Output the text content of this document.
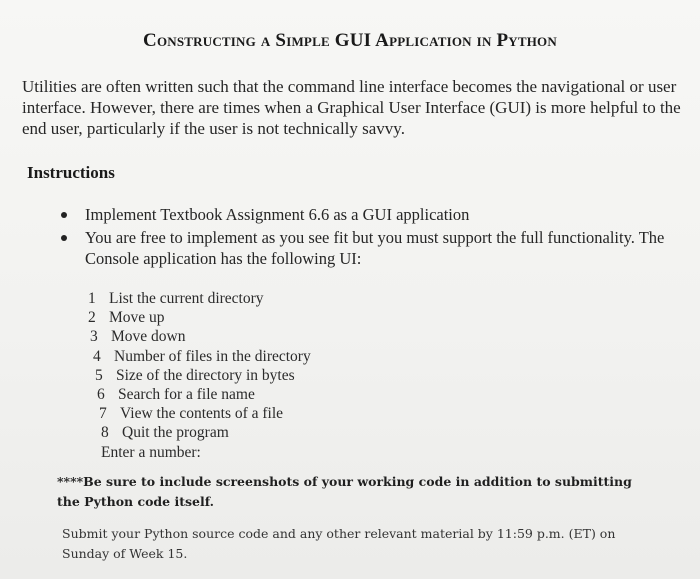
Constructing a Simple GUI Application in Python
Utilities are often written such that the command line interface becomes the navigational or user interface. However, there are times when a Graphical User Interface (GUI) is more helpful to the end user, particularly if the user is not technically savvy.
Instructions
Implement Textbook Assignment 6.6 as a GUI application
You are free to implement as you see fit but you must support the full functionality. The Console application has the following UI:
1 List the current directory
2 Move up
3 Move down
4 Number of files in the directory
5 Size of the directory in bytes
6 Search for a file name
7 View the contents of a file
8 Quit the program
Enter a number:
****Be sure to include screenshots of your working code in addition to submitting the Python code itself.
Submit your Python source code and any other relevant material by 11:59 p.m. (ET) on Sunday of Week 15.
